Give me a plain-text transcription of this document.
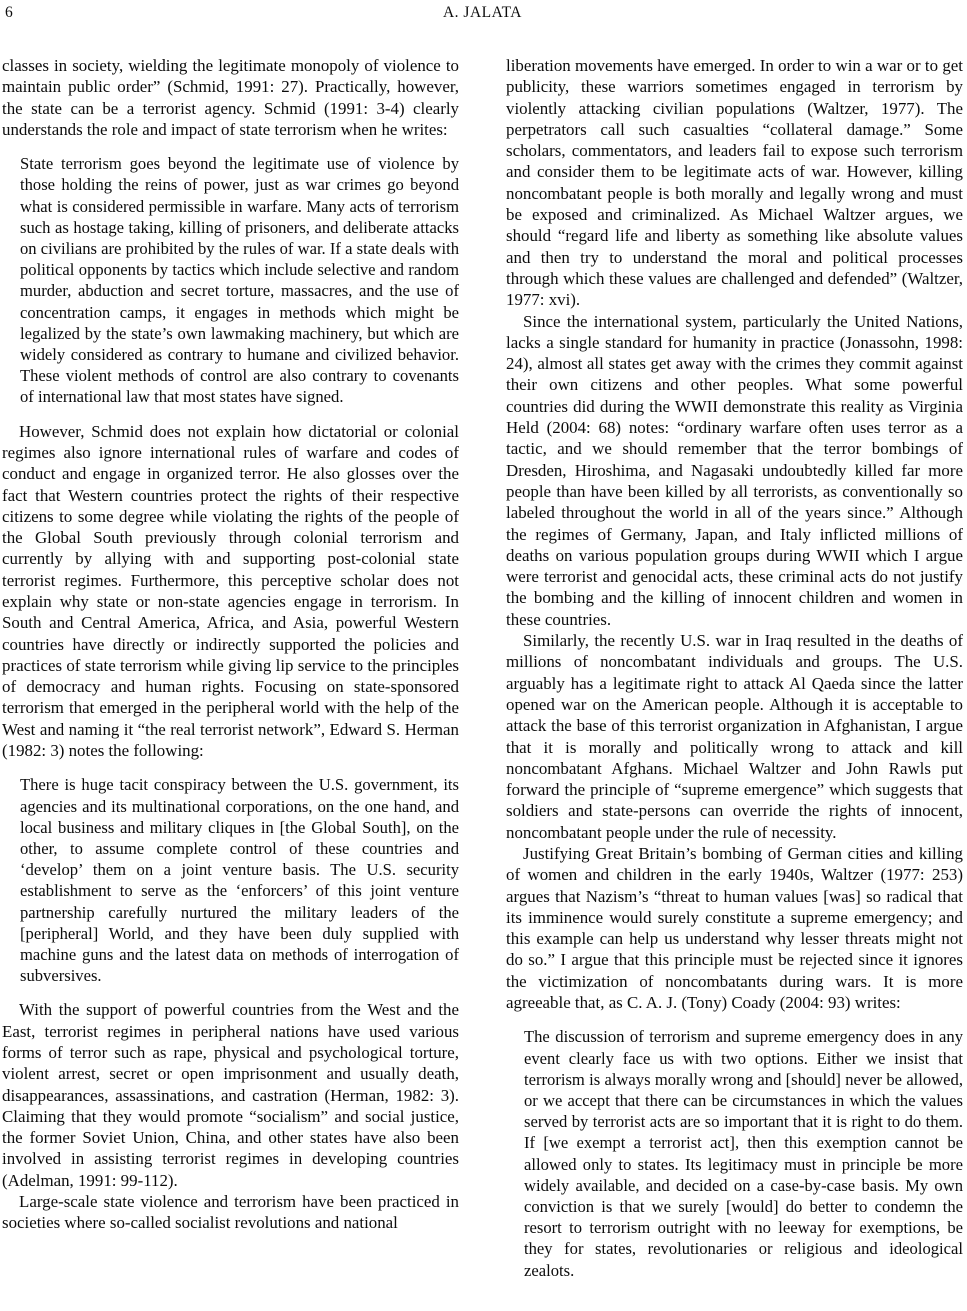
6	A. JALATA

classes in society, wielding the legitimate monopoly of violence to maintain public order” (Schmid, 1991: 27). Practically, however, the state can be a terrorist agency. Schmid (1991: 3-4) clearly understands the role and impact of state terrorism when he writes:

State terrorism goes beyond the legitimate use of violence by those holding the reins of power, just as war crimes go beyond what is considered permissible in warfare. Many acts of terrorism such as hostage taking, killing of prisoners, and deliberate attacks on civilians are prohibited by the rules of war. If a state deals with political opponents by tactics which include selective and random murder, abduction and secret torture, massacres, and the use of concentration camps, it engages in methods which might be legalized by the state’s own lawmaking machinery, but which are widely considered as contrary to humane and civilized behavior. These violent methods of control are also contrary to covenants of international law that most states have signed.

However, Schmid does not explain how dictatorial or colonial regimes also ignore international rules of warfare and codes of conduct and engage in organized terror. He also glosses over the fact that Western countries protect the rights of their respective citizens to some degree while violating the rights of the people of the Global South previously through colonial terrorism and currently by allying with and supporting post-colonial state terrorist regimes. Furthermore, this perceptive scholar does not explain why state or non-state agencies engage in terrorism. In South and Central America, Africa, and Asia, powerful Western countries have directly or indirectly supported the policies and practices of state terrorism while giving lip service to the principles of democracy and human rights. Focusing on state-sponsored terrorism that emerged in the peripheral world with the help of the West and naming it “the real terrorist network”, Edward S. Herman (1982: 3) notes the following:

There is huge tacit conspiracy between the U.S. government, its agencies and its multinational corporations, on the one hand, and local business and military cliques in [the Global South], on the other, to assume complete control of these countries and ‘develop’ them on a joint venture basis. The U.S. security establishment to serve as the ‘enforcers’ of this joint venture partnership carefully nurtured the military leaders of the [peripheral] World, and they have been duly supplied with machine guns and the latest data on methods of interrogation of subversives.

With the support of powerful countries from the West and the East, terrorist regimes in peripheral nations have used various forms of terror such as rape, physical and psychological torture, violent arrest, secret or open imprisonment and usually death, disappearances, assassinations, and castration (Herman, 1982: 3). Claiming that they would promote “socialism” and social justice, the former Soviet Union, China, and other states have also been involved in assisting terrorist regimes in developing countries (Adelman, 1991: 99-112).

Large-scale state violence and terrorism have been practiced in societies where so-called socialist revolutions and national

liberation movements have emerged. In order to win a war or to get publicity, these warriors sometimes engaged in terrorism by violently attacking civilian populations (Waltzer, 1977). The perpetrators call such casualties “collateral damage.” Some scholars, commentators, and leaders fail to expose such terrorism and consider them to be legitimate acts of war. However, killing noncombatant people is both morally and legally wrong and must be exposed and criminalized. As Michael Waltzer argues, we should “regard life and liberty as something like absolute values and then try to understand the moral and political processes through which these values are challenged and defended” (Waltzer, 1977: xvi).

Since the international system, particularly the United Nations, lacks a single standard for humanity in practice (Jonassohn, 1998: 24), almost all states get away with the crimes they commit against their own citizens and other peoples. What some powerful countries did during the WWII demonstrate this reality as Virginia Held (2004: 68) notes: “ordinary warfare often uses terror as a tactic, and we should remember that the terror bombings of Dresden, Hiroshima, and Nagasaki undoubtedly killed far more people than have been killed by all terrorists, as conventionally so labeled throughout the world in all of the years since.” Although the regimes of Germany, Japan, and Italy inflicted millions of deaths on various population groups during WWII which I argue were terrorist and genocidal acts, these criminal acts do not justify the bombing and the killing of innocent children and women in these countries.

Similarly, the recently U.S. war in Iraq resulted in the deaths of millions of noncombatant individuals and groups. The U.S. arguably has a legitimate right to attack Al Qaeda since the latter opened war on the American people. Although it is acceptable to attack the base of this terrorist organization in Afghanistan, I argue that it is morally and politically wrong to attack and kill noncombatant Afghans. Michael Waltzer and John Rawls put forward the principle of “supreme emergence” which suggests that soldiers and state-persons can override the rights of innocent, noncombatant people under the rule of necessity.

Justifying Great Britain’s bombing of German cities and killing of women and children in the early 1940s, Waltzer (1977: 253) argues that Nazism’s “threat to human values [was] so radical that its imminence would surely constitute a supreme emergency; and this example can help us understand why lesser threats might not do so.” I argue that this principle must be rejected since it ignores the victimization of noncombatants during wars. It is more agreeable that, as C. A. J. (Tony) Coady (2004: 93) writes:

The discussion of terrorism and supreme emergency does in any event clearly face us with two options. Either we insist that terrorism is always morally wrong and [should] never be allowed, or we accept that there can be circumstances in which the values served by terrorist acts are so important that it is right to do them. If [we exempt a terrorist act], then this exemption cannot be allowed only to states. Its legitimacy must in principle be more widely available, and decided on a case-by-case basis. My own conviction is that we surely [would] do better to condemn the resort to terrorism outright with no leeway for exemptions, be they for states, revolutionaries or religious and ideological zealots.
